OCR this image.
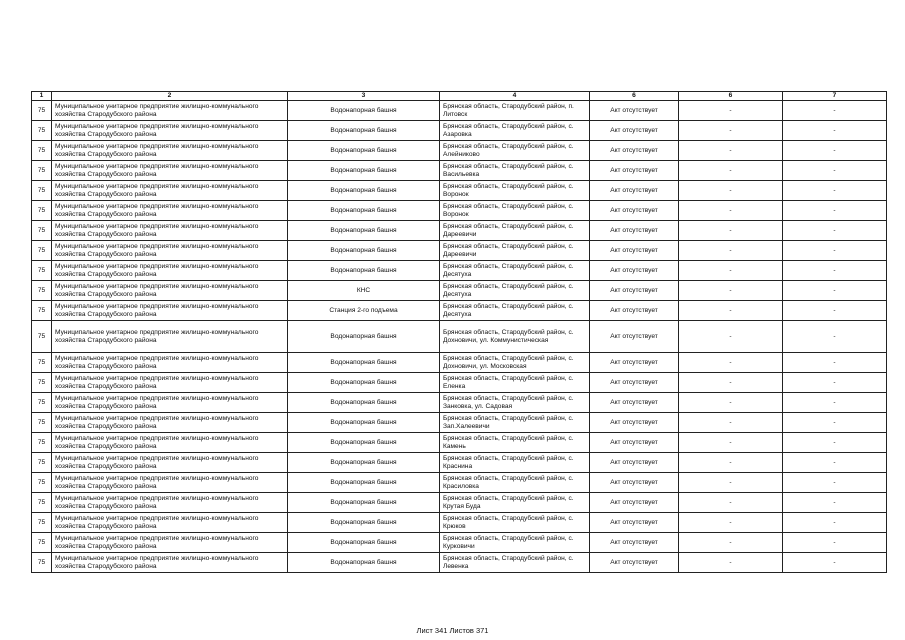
1	2	3	4	6	6	7
75	Муниципальное унитарное предприятие жилищно-коммунального хозяйства Стародубского района	Водонапорная башня	Брянская область, Стародубский район, п. Литовск	Акт отсутствует	-	-
75	Муниципальное унитарное предприятие жилищно-коммунального хозяйства Стародубского района	Водонапорная башня	Брянская область, Стародубский район, с. Азаровка	Акт отсутствует	-	-
75	Муниципальное унитарное предприятие жилищно-коммунального хозяйства Стародубского района	Водонапорная башня	Брянская область, Стародубский район, с. Алейниково	Акт отсутствует	-	-
75	Муниципальное унитарное предприятие жилищно-коммунального хозяйства Стародубского района	Водонапорная башня	Брянская область, Стародубский район, с. Васильевка	Акт отсутствует	-	-
75	Муниципальное унитарное предприятие жилищно-коммунального хозяйства Стародубского района	Водонапорная башня	Брянская область, Стародубский район, с. Воронок	Акт отсутствует	-	-
75	Муниципальное унитарное предприятие жилищно-коммунального хозяйства Стародубского района	Водонапорная башня	Брянская область, Стародубский район, с. Воронок	Акт отсутствует	-	-
75	Муниципальное унитарное предприятие жилищно-коммунального хозяйства Стародубского района	Водонапорная башня	Брянская область, Стародубский район, с. Дареевичи	Акт отсутствует	-	-
75	Муниципальное унитарное предприятие жилищно-коммунального хозяйства Стародубского района	Водонапорная башня	Брянская область, Стародубский район, с. Дареевичи	Акт отсутствует	-	-
75	Муниципальное унитарное предприятие жилищно-коммунального хозяйства Стародубского района	Водонапорная башня	Брянская область, Стародубский район, с. Десятуха	Акт отсутствует	-	-
75	Муниципальное унитарное предприятие жилищно-коммунального хозяйства Стародубского района	КНС	Брянская область, Стародубский район, с. Десятуха	Акт отсутствует	-	-
75	Муниципальное унитарное предприятие жилищно-коммунального хозяйства Стародубского района	Станция 2-го подъема	Брянская область, Стародубский район, с. Десятуха	Акт отсутствует	-	-
75	Муниципальное унитарное предприятие жилищно-коммунального хозяйства Стародубского района	Водонапорная башня	Брянская область, Стародубский район, с. Дохновичи, ул. Коммунистическая	Акт отсутствует	-	-
75	Муниципальное унитарное предприятие жилищно-коммунального хозяйства Стародубского района	Водонапорная башня	Брянская область, Стародубский район, с. Дохновичи, ул. Московская	Акт отсутствует	-	-
75	Муниципальное унитарное предприятие жилищно-коммунального хозяйства Стародубского района	Водонапорная башня	Брянская область, Стародубский район, с. Еленка	Акт отсутствует	-	-
75	Муниципальное унитарное предприятие жилищно-коммунального хозяйства Стародубского района	Водонапорная башня	Брянская область, Стародубский район, с. Занковка, ул. Садовая	Акт отсутствует	-	-
75	Муниципальное унитарное предприятие жилищно-коммунального хозяйства Стародубского района	Водонапорная башня	Брянская область, Стародубский район, с. Зап.Халеевичи	Акт отсутствует	-	-
75	Муниципальное унитарное предприятие жилищно-коммунального хозяйства Стародубского района	Водонапорная башня	Брянская область, Стародубский район, с. Камень	Акт отсутствует	-	-
75	Муниципальное унитарное предприятие жилищно-коммунального хозяйства Стародубского района	Водонапорная башня	Брянская область, Стародубский район, с. Краснина	Акт отсутствует	-	-
75	Муниципальное унитарное предприятие жилищно-коммунального хозяйства Стародубского района	Водонапорная башня	Брянская область, Стародубский район, с. Красиловка	Акт отсутствует	-	-
75	Муниципальное унитарное предприятие жилищно-коммунального хозяйства Стародубского района	Водонапорная башня	Брянская область, Стародубский район, с. Крутая Буда	Акт отсутствует	-	-
75	Муниципальное унитарное предприятие жилищно-коммунального хозяйства Стародубского района	Водонапорная башня	Брянская область, Стародубский район, с. Крюков	Акт отсутствует	-	-
75	Муниципальное унитарное предприятие жилищно-коммунального хозяйства Стародубского района	Водонапорная башня	Брянская область, Стародубский район, с. Курковичи	Акт отсутствует	-	-
75	Муниципальное унитарное предприятие жилищно-коммунального хозяйства Стародубского района	Водонапорная башня	Брянская область, Стародубский район, с. Левенка	Акт отсутствует	-	-
Лист 341 Листов 371
